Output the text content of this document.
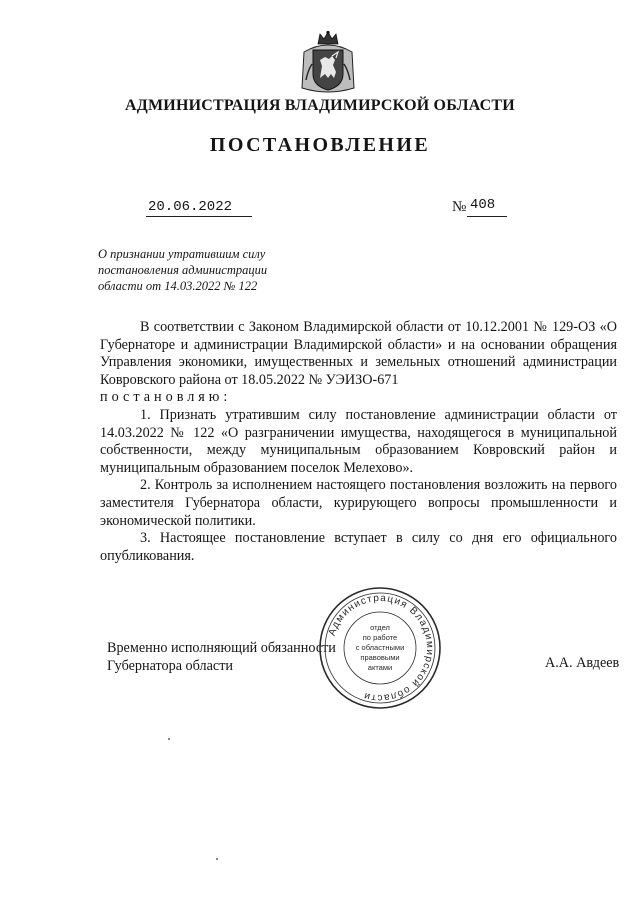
АДМИНИСТРАЦИЯ ВЛАДИМИРСКОЙ ОБЛАСТИ
ПОСТАНОВЛЕНИЕ
20.06.2022	№ 408
О признании утратившим силу
постановления администрации
области от 14.03.2022 № 122

В соответствии с Законом Владимирской области от 10.12.2001 № 129-ОЗ «О Губернаторе и администрации Владимирской области» и на основании обращения Управления экономики, имущественных и земельных отношений администрации Ковровского района от 18.05.2022 № УЭИЗО-671

постановляю:

1. Признать утратившим силу постановление администрации области от 14.03.2022 № 122 «О разграничении имущества, находящегося в муниципальной собственности, между муниципальным образованием Ковровский район и муниципальным образованием поселок Мелехово».

2. Контроль за исполнением настоящего постановления возложить на первого заместителя Губернатора области, курирующего вопросы промышленности и экономической политики.

3. Настоящее постановление вступает в силу со дня его официального опубликования.

Временно исполняющий обязанности
Губернатора области	А.А. Авдеев
Администрация Владимирской области
отдел
по работе
с областными
правовыми
актами
